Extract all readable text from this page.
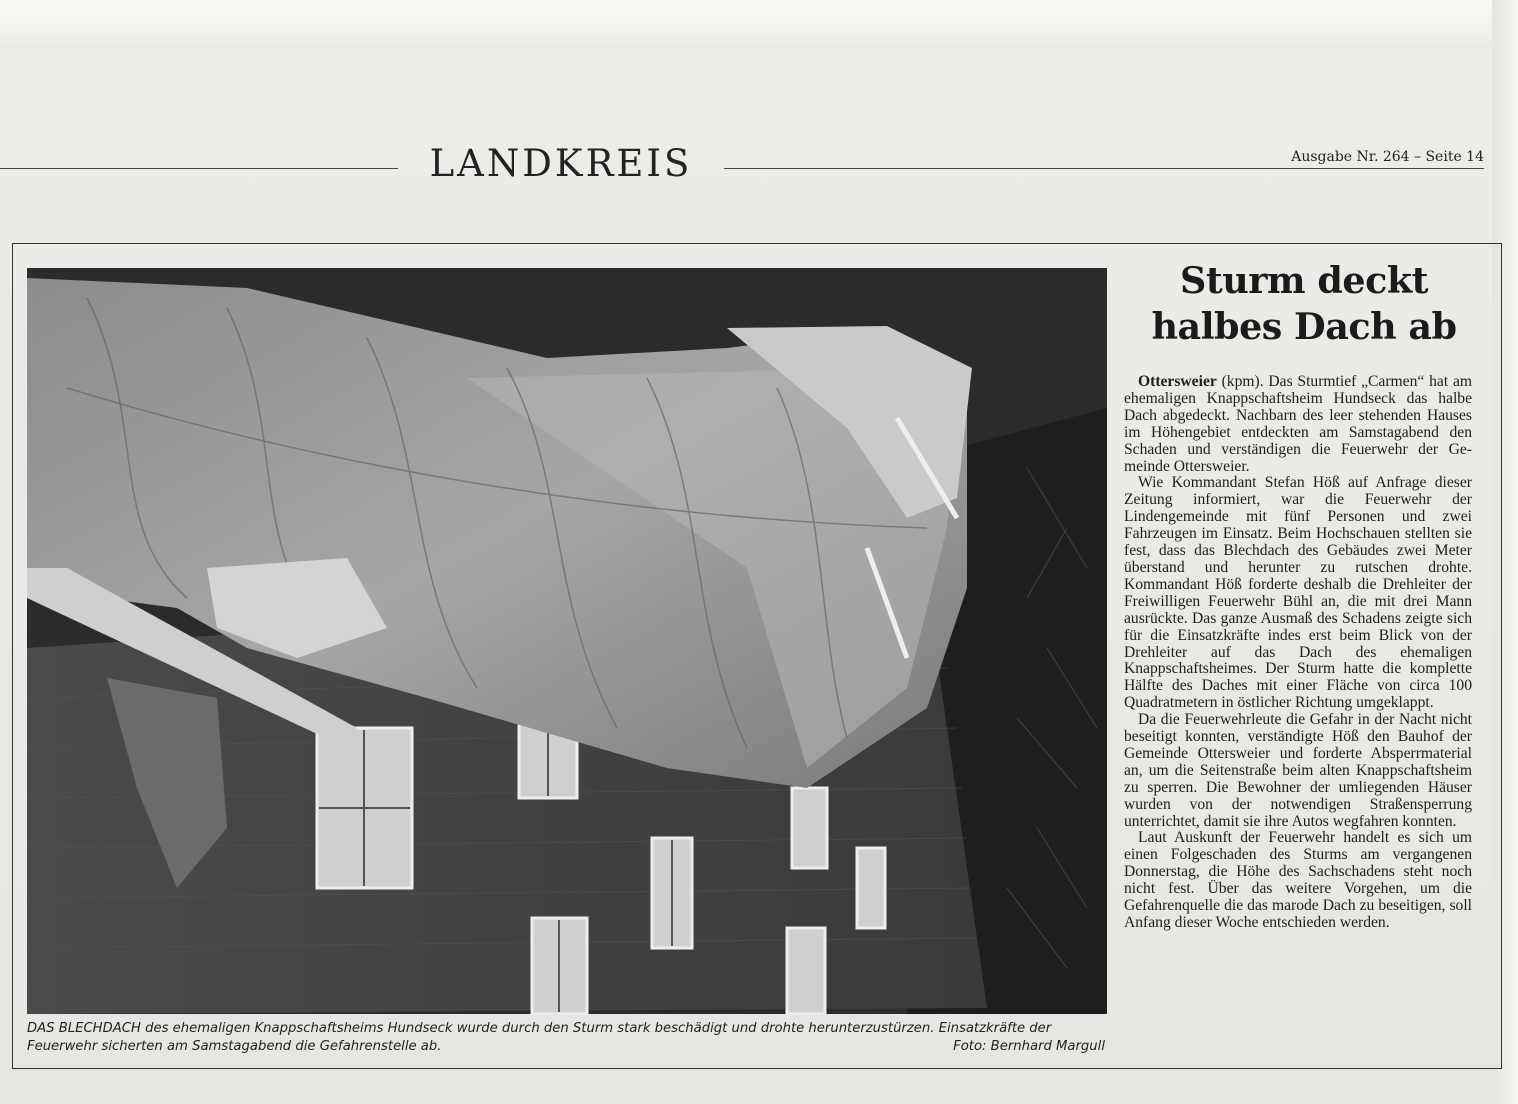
LANDKREIS	Ausgabe Nr. 264 – Seite 14
DAS BLECHDACH des ehemaligen Knappschaftsheims Hundseck wurde durch den Sturm stark beschädigt und drohte herunterzustürzen. Einsatzkräfte der Feuerwehr sicherten am Samstagabend die Gefahrenstelle ab.	Foto: Bernhard Margull
Sturm deckt
halbes Dach ab

Ottersweier (kpm). Das Sturmtief „Carmen“ hat am ehemaligen Knappschaftsheim Hundseck das halbe Dach abgedeckt. Nachbarn des leer stehenden Hauses im Höhengebiet entdeckten am Samstagabend den Schaden und verständigen die Feuerwehr der Gemeinde Ottersweier.

Wie Kommandant Stefan Höß auf Anfrage dieser Zeitung informiert, war die Feuerwehr der Lindengemeinde mit fünf Personen und zwei Fahrzeugen im Einsatz. Beim Hochschauen stellten sie fest, dass das Blechdach des Gebäudes zwei Meter überstand und herunter zu rutschen drohte. Kommandant Höß forderte deshalb die Drehleiter der Freiwilligen Feuerwehr Bühl an, die mit drei Mann ausrückte. Das ganze Ausmaß des Schadens zeigte sich für die Einsatzkräfte indes erst beim Blick von der Drehleiter auf das Dach des ehemaligen Knappschaftsheimes. Der Sturm hatte die komplette Hälfte des Daches mit einer Fläche von circa 100 Quadratmetern in östlicher Richtung umgeklappt.

Da die Feuerwehrleute die Gefahr in der Nacht nicht beseitigt konnten, verständigte Höß den Bauhof der Gemeinde Ottersweier und forderte Absperrmaterial an, um die Seitenstraße beim alten Knappschaftsheim zu sperren. Die Bewohner der umliegenden Häuser wurden von der notwendigen Straßensperrung unterrichtet, damit sie ihre Autos wegfahren konnten.

Laut Auskunft der Feuerwehr handelt es sich um einen Folgeschaden des Sturms am vergangenen Donnerstag, die Höhe des Sachschadens steht noch nicht fest. Über das weitere Vorgehen, um die Gefahrenquelle die das marode Dach zu beseitigen, soll Anfang dieser Woche entschieden werden.
